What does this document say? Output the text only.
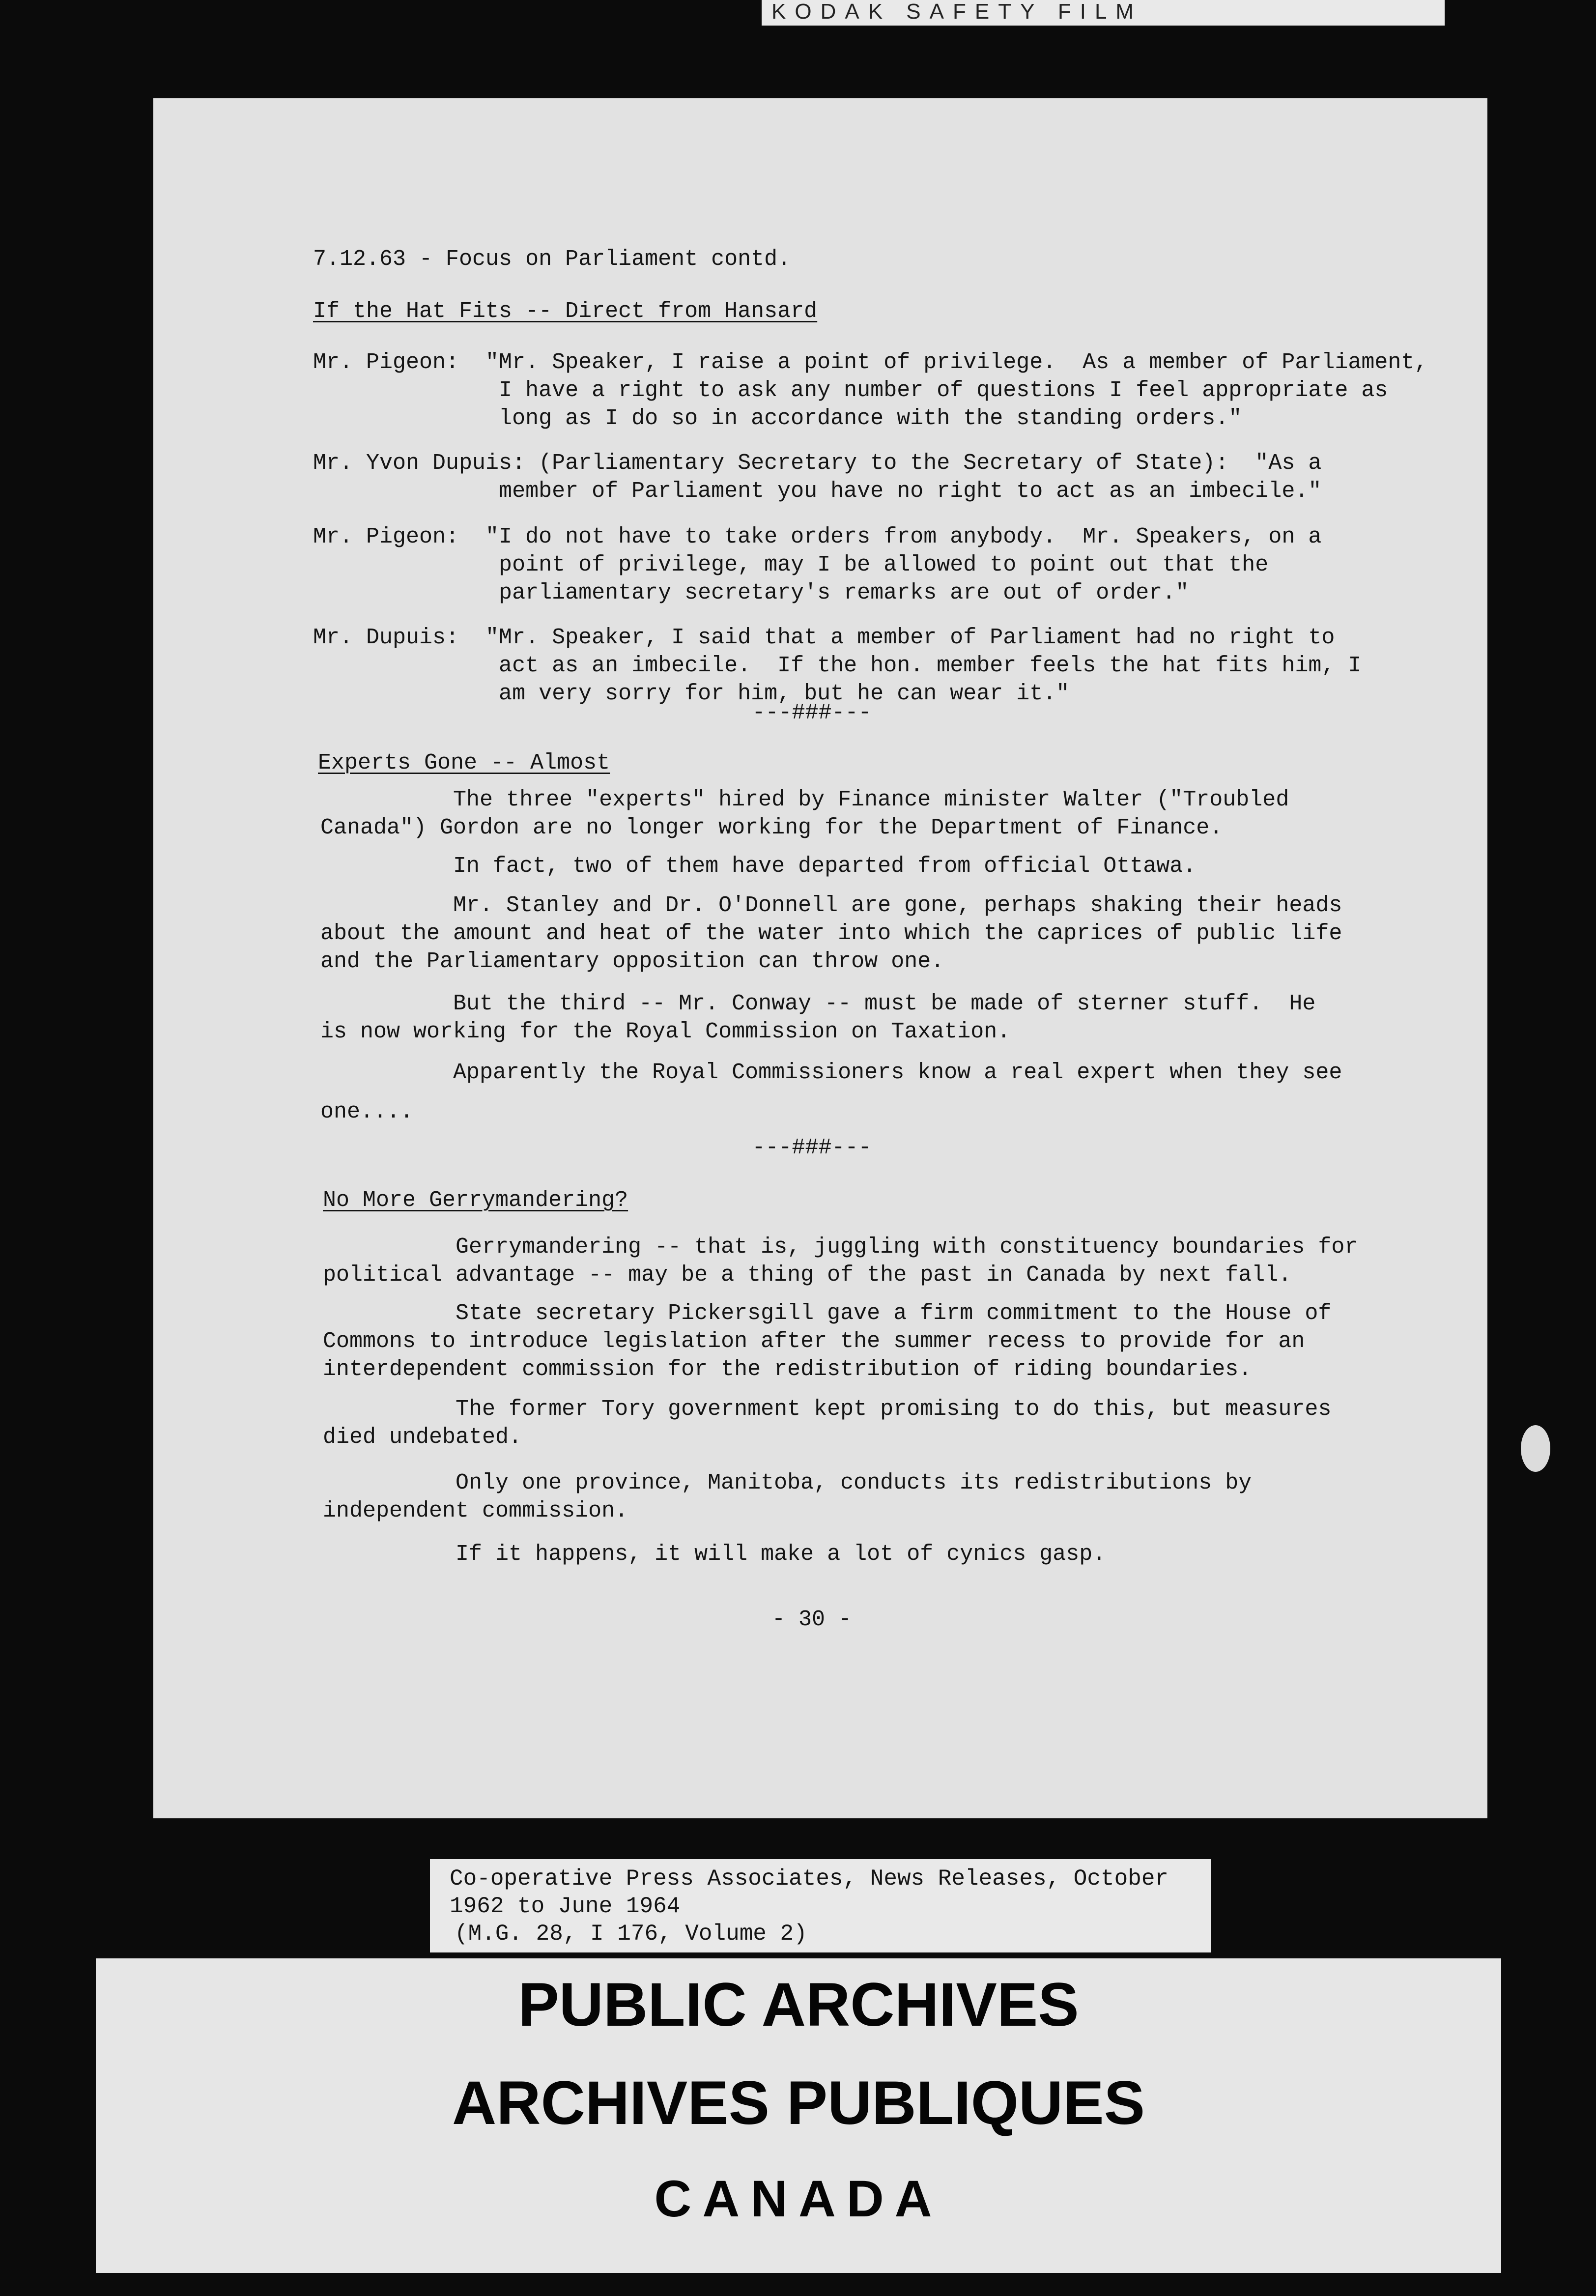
KODAK SAFETY FILM
7.12.63 - Focus on Parliament contd.
If the Hat Fits -- Direct from Hansard
Mr. Pigeon:  "Mr. Speaker, I raise a point of privilege.  As a member of Parliament,
I have a right to ask any number of questions I feel appropriate as
long as I do so in accordance with the standing orders."
Mr. Yvon Dupuis: (Parliamentary Secretary to the Secretary of State):  "As a
member of Parliament you have no right to act as an imbecile."
Mr. Pigeon:  "I do not have to take orders from anybody.  Mr. Speakers, on a
point of privilege, may I be allowed to point out that the
parliamentary secretary's remarks are out of order."
Mr. Dupuis:  "Mr. Speaker, I said that a member of Parliament had no right to
act as an imbecile.  If the hon. member feels the hat fits him, I
am very sorry for him, but he can wear it."
---###---
Experts Gone -- Almost
The three "experts" hired by Finance minister Walter ("Troubled
Canada") Gordon are no longer working for the Department of Finance.
In fact, two of them have departed from official Ottawa.
Mr. Stanley and Dr. O'Donnell are gone, perhaps shaking their heads
about the amount and heat of the water into which the caprices of public life
and the Parliamentary opposition can throw one.
But the third -- Mr. Conway -- must be made of sterner stuff.  He
is now working for the Royal Commission on Taxation.
Apparently the Royal Commissioners know a real expert when they see
one....
---###---
No More Gerrymandering?
Gerrymandering -- that is, juggling with constituency boundaries for
political advantage -- may be a thing of the past in Canada by next fall.
State secretary Pickersgill gave a firm commitment to the House of
Commons to introduce legislation after the summer recess to provide for an
interdependent commission for the redistribution of riding boundaries.
The former Tory government kept promising to do this, but measures
died undebated.
Only one province, Manitoba, conducts its redistributions by
independent commission.
If it happens, it will make a lot of cynics gasp.
- 30 -
Co-operative Press Associates, News Releases, October
1962 to June 1964
(M.G. 28, I 176, Volume 2)
PUBLIC ARCHIVES
ARCHIVES PUBLIQUES
CANADA
